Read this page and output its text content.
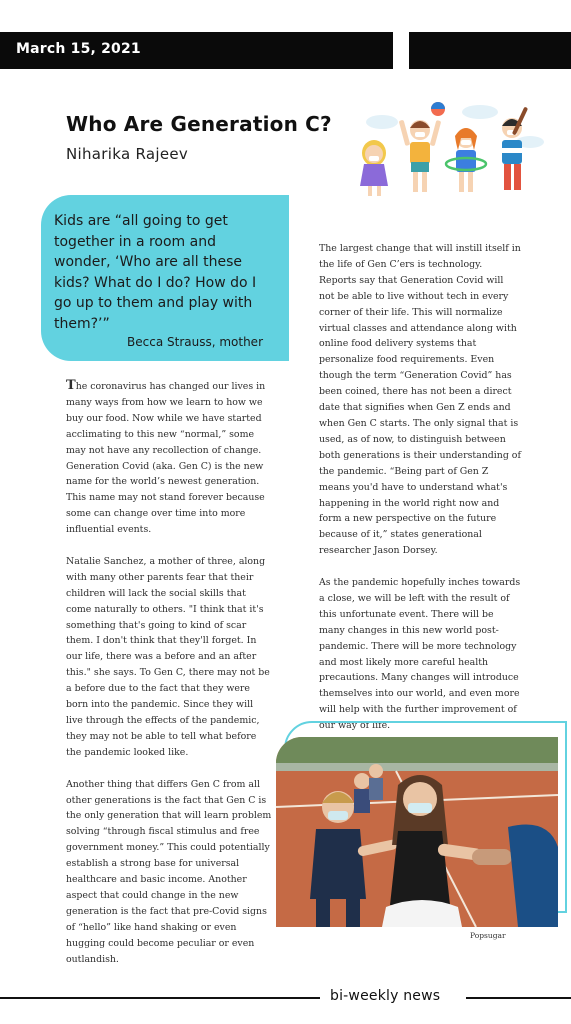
March 15, 2021
Who Are Generation C?
Niharika Rajeev

Kids are “all going to get together in a room and wonder, ‘Who are all these kids? What do I do? How do I go up to them and play with them?’”

Becca Strauss, mother

The coronavirus has changed our lives in many ways from how we learn to how we buy our food. Now while we have started acclimating to this new “normal,” some may not have any recollection of change. Generation Covid (aka. Gen C) is the new name for the world’s newest generation. This name may not stand forever because some can change over time into more influential events.

Natalie Sanchez, a mother of three, along with many other parents fear that their children will lack the social skills that come naturally to others. "I think that it's something that's going to kind of scar them. I don't think that they'll forget. In our life, there was a before and an after this." she says. To Gen C, there may not be a before due to the fact that they were born into the pandemic. Since they will live through the effects of the pandemic, they may not be able to tell what before the pandemic looked like.

Another thing that differs Gen C from all other generations is the fact that Gen C is the only generation that will learn problem solving “through fiscal stimulus and free government money.” This could potentially establish a strong base for universal healthcare and basic income. Another aspect that could change in the new generation is the fact that pre-Covid signs of “hello” like hand shaking or even hugging could become peculiar or even outlandish.

The largest change that will instill itself in the life of Gen C’ers is technology. Reports say that Generation Covid will not be able to live without tech in every corner of their life. This will normalize virtual classes and attendance along with online food delivery systems that personalize food requirements. Even though the term “Generation Covid” has been coined, there has not been a direct date that signifies when Gen Z ends and when Gen C starts. The only signal that is used, as of now, to distinguish between both generations is their understanding of the pandemic. “Being part of Gen Z means you'd have to understand what's happening in the world right now and form a new perspective on the future because of it,” states generational researcher Jason Dorsey.

As the pandemic hopefully inches towards a close, we will be left with the result of this unfortunate event. There will be many changes in this new world post-pandemic. There will be more technology and most likely more careful health precautions. Many changes will introduce themselves into our world, and even more will help with the further improvement of our way of life.

Popsugar
bi-weekly news
